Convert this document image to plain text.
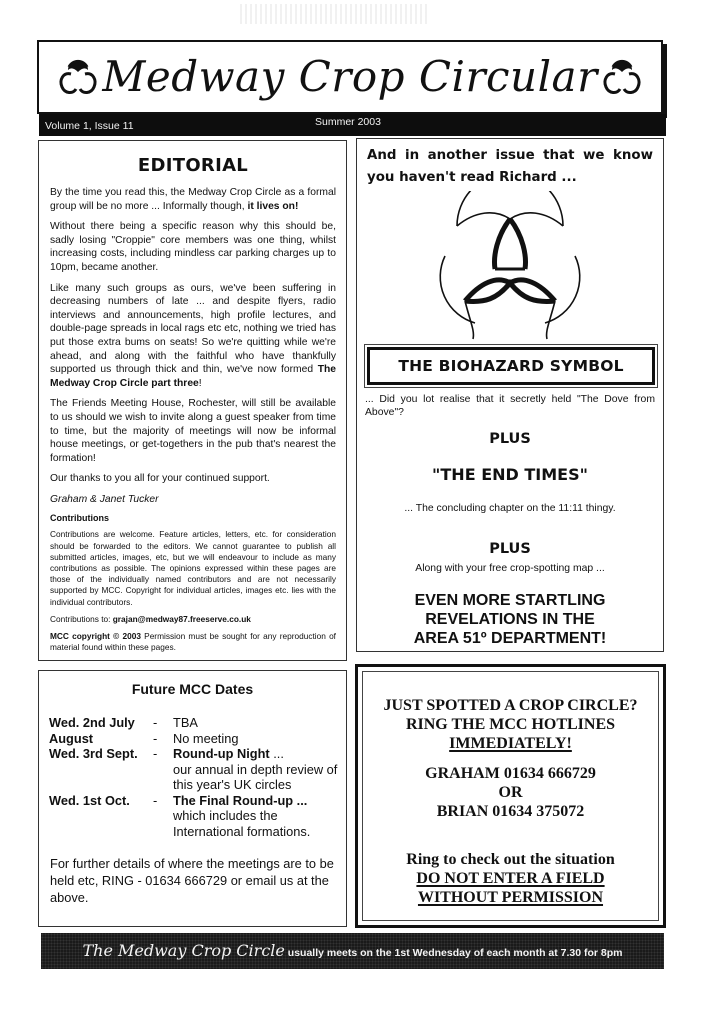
Medway Crop Circular
Volume 1, Issue 11	Summer 2003
EDITORIAL

By the time you read this, the Medway Crop Circle as a formal group will be no more ... Informally though, it lives on!

Without there being a specific reason why this should be, sadly losing "Croppie" core members was one thing, whilst increasing costs, including mindless car parking charges up to 10pm, became another.

Like many such groups as ours, we've been suffering in decreasing numbers of late ... and despite flyers, radio interviews and announcements, high profile lectures, and double-page spreads in local rags etc etc, nothing we tried has put those extra bums on seats! So we're quitting while we're ahead, and along with the faithful who have thankfully supported us through thick and thin, we've now formed The Medway Crop Circle part three!

The Friends Meeting House, Rochester, will still be available to us should we wish to invite along a guest speaker from time to time, but the majority of meetings will now be informal house meetings, or get-togethers in the pub that's nearest the formation!

Our thanks to you all for your continued support.

Graham & Janet Tucker

Contributions

Contributions are welcome. Feature articles, letters, etc. for consideration should be forwarded to the editors. We cannot guarantee to publish all submitted articles, images, etc, but we will endeavour to include as many contributions as possible. The opinions expressed within these pages are those of the individually named contributors and are not necessarily supported by MCC. Copyright for individual articles, images etc. lies with the individual contributors.

Contributions to: grajan@medway87.freeserve.co.uk

MCC copyright © 2003 Permission must be sought for any reproduction of material found within these pages.

And in another issue that we know you haven't read Richard ...
THE BIOHAZARD SYMBOL
... Did you lot realise that it secretly held "The Dove from Above"?
PLUS
"THE END TIMES"
... The concluding chapter on the 11:11 thingy.
PLUS
Along with your free crop-spotting map ...
EVEN MORE STARTLING
REVELATIONS IN THE
AREA 51º DEPARTMENT!
Future MCC Dates
Wed. 2nd July	-	TBA
August	-	No meeting
Wed. 3rd Sept.	-	Round-up Night ...
our annual in depth review of this year's UK circles
Wed. 1st Oct.	-	The Final Round-up ...
which includes the International formations.
For further details of where the meetings are to be held etc, RING - 01634 666729 or email us at the above.
JUST SPOTTED A CROP CIRCLE?
RING THE MCC HOTLINES
IMMEDIATELY!
GRAHAM 01634 666729
OR
BRIAN 01634 375072
Ring to check out the situation
DO NOT ENTER A FIELD
WITHOUT PERMISSION
The Medway Crop Circle usually meets on the 1st Wednesday of each month at 7.30 for 8pm
